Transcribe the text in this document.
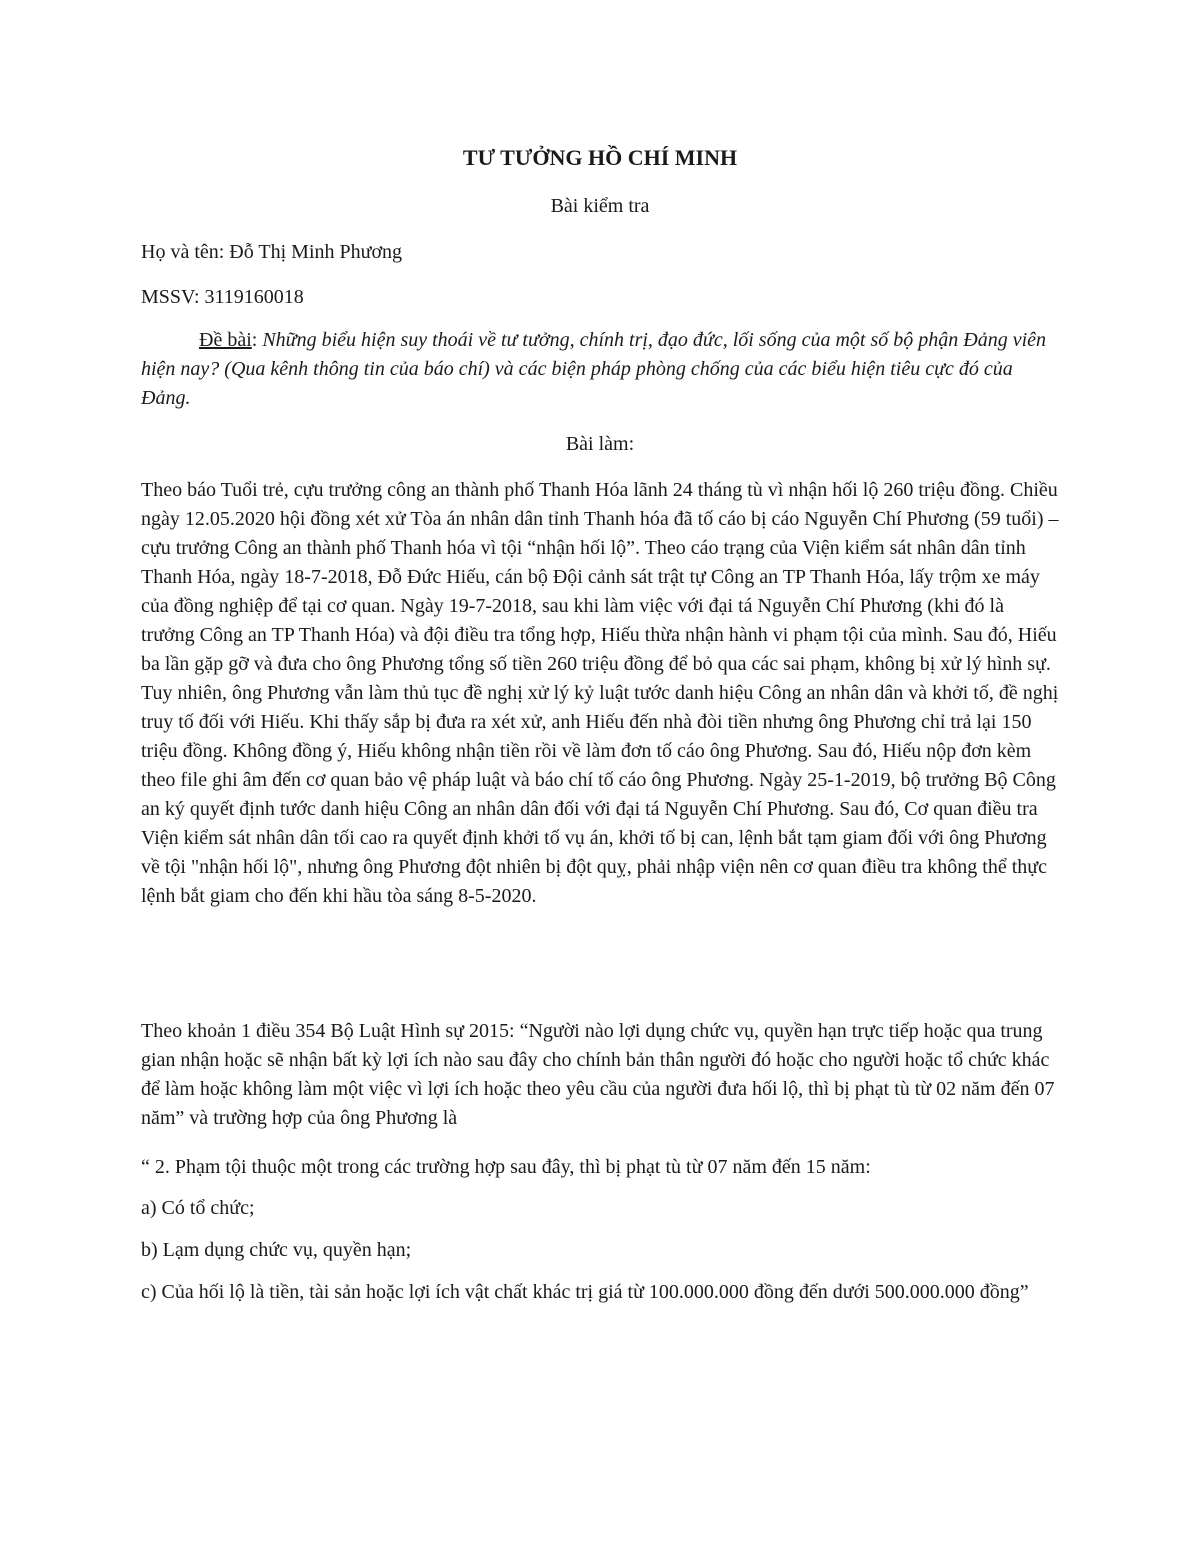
TƯ TƯỞNG HỒ CHÍ MINH
Bài kiểm tra
Họ và tên: Đỗ Thị Minh Phương
MSSV: 3119160018
Đề bài: Những biểu hiện suy thoái về tư tưởng, chính trị, đạo đức, lối sống của một số bộ phận Đảng viên hiện nay? (Qua kênh thông tin của báo chí) và các biện pháp phòng chống của các biểu hiện tiêu cực đó của Đảng.
Bài làm:

Theo báo Tuổi trẻ, cựu trưởng công an thành phố Thanh Hóa lãnh 24 tháng tù vì nhận hối lộ 260 triệu đồng. Chiều ngày 12.05.2020 hội đồng xét xử Tòa án nhân dân tỉnh Thanh hóa đã tố cáo bị cáo Nguyễn Chí Phương (59 tuổi) – cựu trưởng Công an thành phố Thanh hóa vì tội “nhận hối lộ”. Theo cáo trạng của Viện kiểm sát nhân dân tỉnh Thanh Hóa, ngày 18-7-2018, Đỗ Đức Hiếu, cán bộ Đội cảnh sát trật tự Công an TP Thanh Hóa, lấy trộm xe máy của đồng nghiệp để tại cơ quan. Ngày 19-7-2018, sau khi làm việc với đại tá Nguyễn Chí Phương (khi đó là trưởng Công an TP Thanh Hóa) và đội điều tra tổng hợp, Hiếu thừa nhận hành vi phạm tội của mình. Sau đó, Hiếu ba lần gặp gỡ và đưa cho ông Phương tổng số tiền 260 triệu đồng để bỏ qua các sai phạm, không bị xử lý hình sự. Tuy nhiên, ông Phương vẫn làm thủ tục đề nghị xử lý kỷ luật tước danh hiệu Công an nhân dân và khởi tố, đề nghị truy tố đối với Hiếu. Khi thấy sắp bị đưa ra xét xử, anh Hiếu đến nhà đòi tiền nhưng ông Phương chỉ trả lại 150 triệu đồng. Không đồng ý, Hiếu không nhận tiền rồi về làm đơn tố cáo ông Phương. Sau đó, Hiếu nộp đơn kèm theo file ghi âm đến cơ quan bảo vệ pháp luật và báo chí tố cáo ông Phương. Ngày 25-1-2019, bộ trưởng Bộ Công an ký quyết định tước danh hiệu Công an nhân dân đối với đại tá Nguyễn Chí Phương. Sau đó, Cơ quan điều tra Viện kiểm sát nhân dân tối cao ra quyết định khởi tố vụ án, khởi tố bị can, lệnh bắt tạm giam đối với ông Phương về tội "nhận hối lộ", nhưng ông Phương đột nhiên bị đột quỵ, phải nhập viện nên cơ quan điều tra không thể thực lệnh bắt giam cho đến khi hầu tòa sáng 8-5-2020.

Theo khoản 1 điều 354 Bộ Luật Hình sự 2015: “Người nào lợi dụng chức vụ, quyền hạn trực tiếp hoặc qua trung gian nhận hoặc sẽ nhận bất kỳ lợi ích nào sau đây cho chính bản thân người đó hoặc cho người hoặc tổ chức khác để làm hoặc không làm một việc vì lợi ích hoặc theo yêu cầu của người đưa hối lộ, thì bị phạt tù từ 02 năm đến 07 năm” và trường hợp của ông Phương là

“ 2. Phạm tội thuộc một trong các trường hợp sau đây, thì bị phạt tù từ 07 năm đến 15 năm:

a) Có tổ chức;

b) Lạm dụng chức vụ, quyền hạn;

c) Của hối lộ là tiền, tài sản hoặc lợi ích vật chất khác trị giá từ 100.000.000 đồng đến dưới 500.000.000 đồng”
